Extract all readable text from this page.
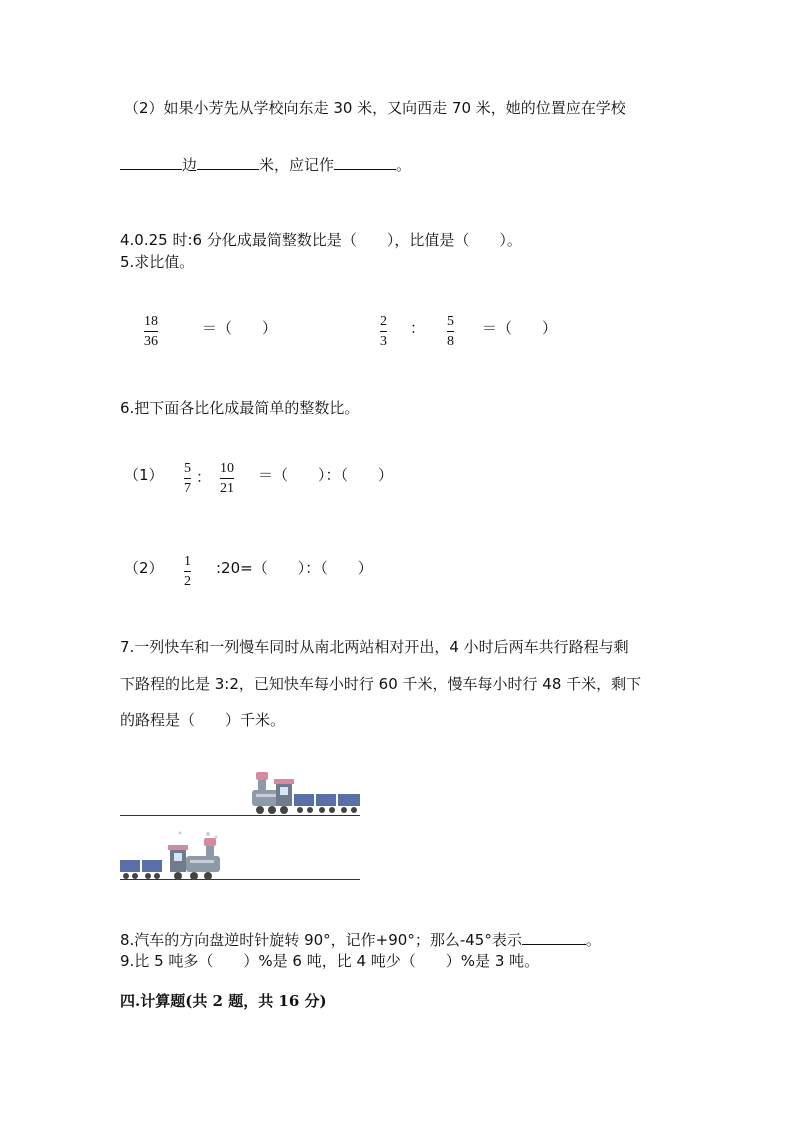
（2）如果小芳先从学校向东走 30 米，又向西走 70 米，她的位置应在学校
边	米，应记作	。
4.0.25 时:6 分化成最简整数比是（　　），比值是（　　）。
5.求比值。
18
36
＝（　　）	2
3
： 5
8
＝（　　）
6.把下面各比化成最简单的整数比。
（1） 5
7
： 10
21
＝（　　）：（　　）
（2） 1
2
:20=（　　）：（　　）
7.一列快车和一列慢车同时从南北两站相对开出，4 小时后两车共行路程与剩
下路程的比是 3:2，已知快车每小时行 60 千米，慢车每小时行 48 千米，剩下
的路程是（　　）千米。
8.汽车的方向盘逆时针旋转 90°，记作+90°；那么-45°表示	。
9.比 5 吨多（　　）%是 6 吨，比 4 吨少（　　）%是 3 吨。
四.计算题(共 2 题，共 16 分)
